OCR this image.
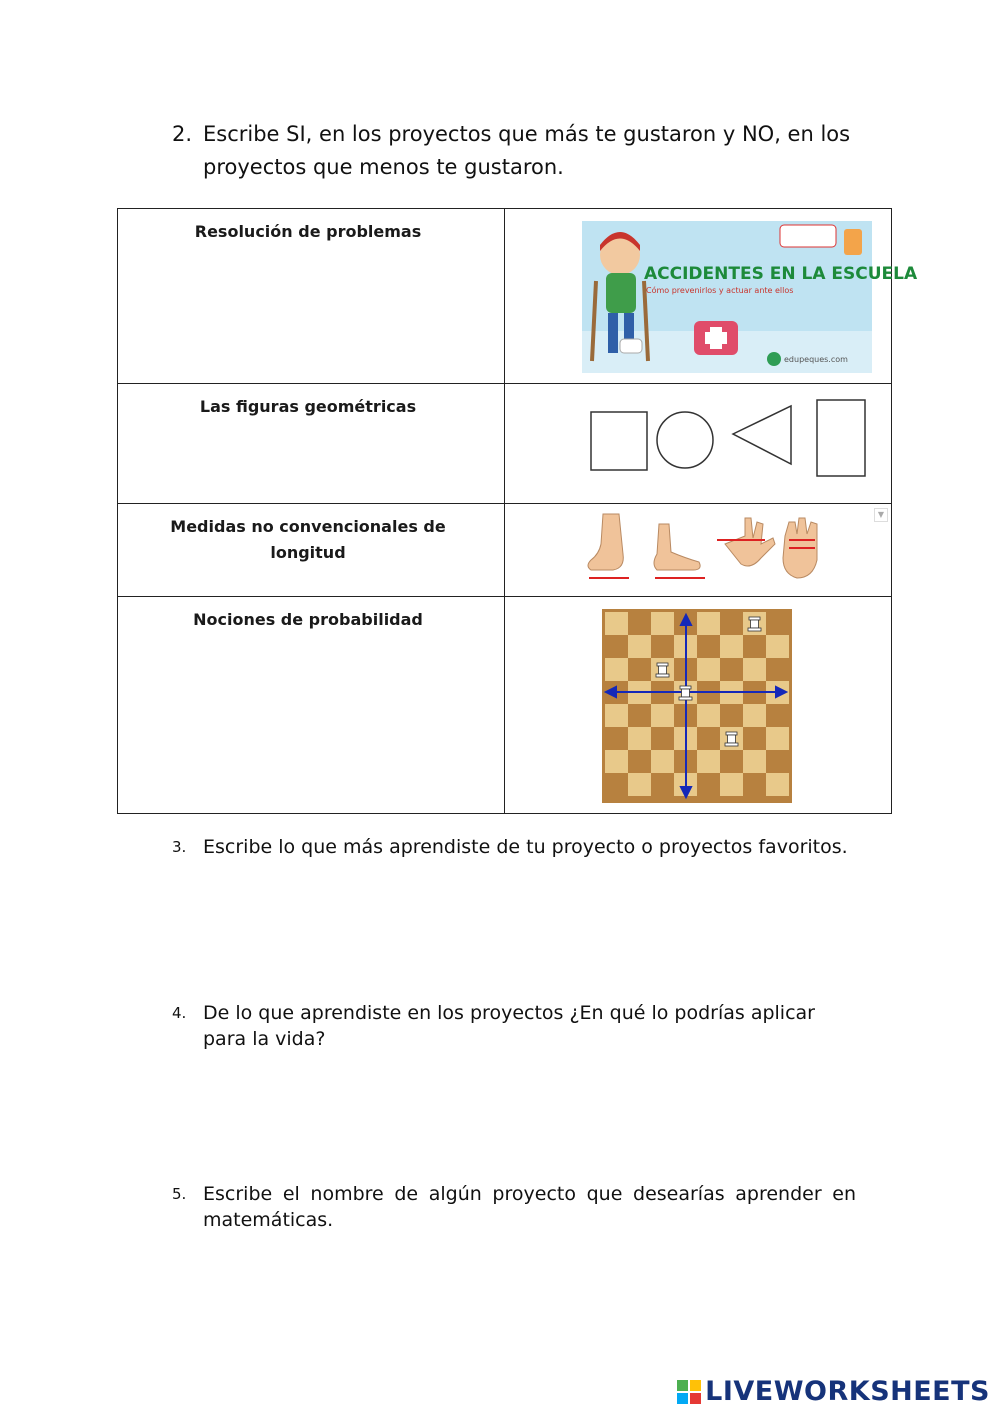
2. Escribe SI, en los proyectos que más te gustaron y NO, en los proyectos que menos te gustaron.
Resolución de problemas	ACCIDENTES EN LA ESCUELA
Cómo prevenirlos y actuar ante ellos
edupeques.com

Las figuras geométricas

Medidas no convencionales de longitud	▼

Nociones de probabilidad

3. Escribe lo que más aprendiste de tu proyecto o proyectos favoritos.
4. De lo que aprendiste en los proyectos ¿En qué lo podrías aplicar para la vida?
5. Escribe el nombre de algún proyecto que desearías aprender en matemáticas.
LIVEWORKSHEETS
